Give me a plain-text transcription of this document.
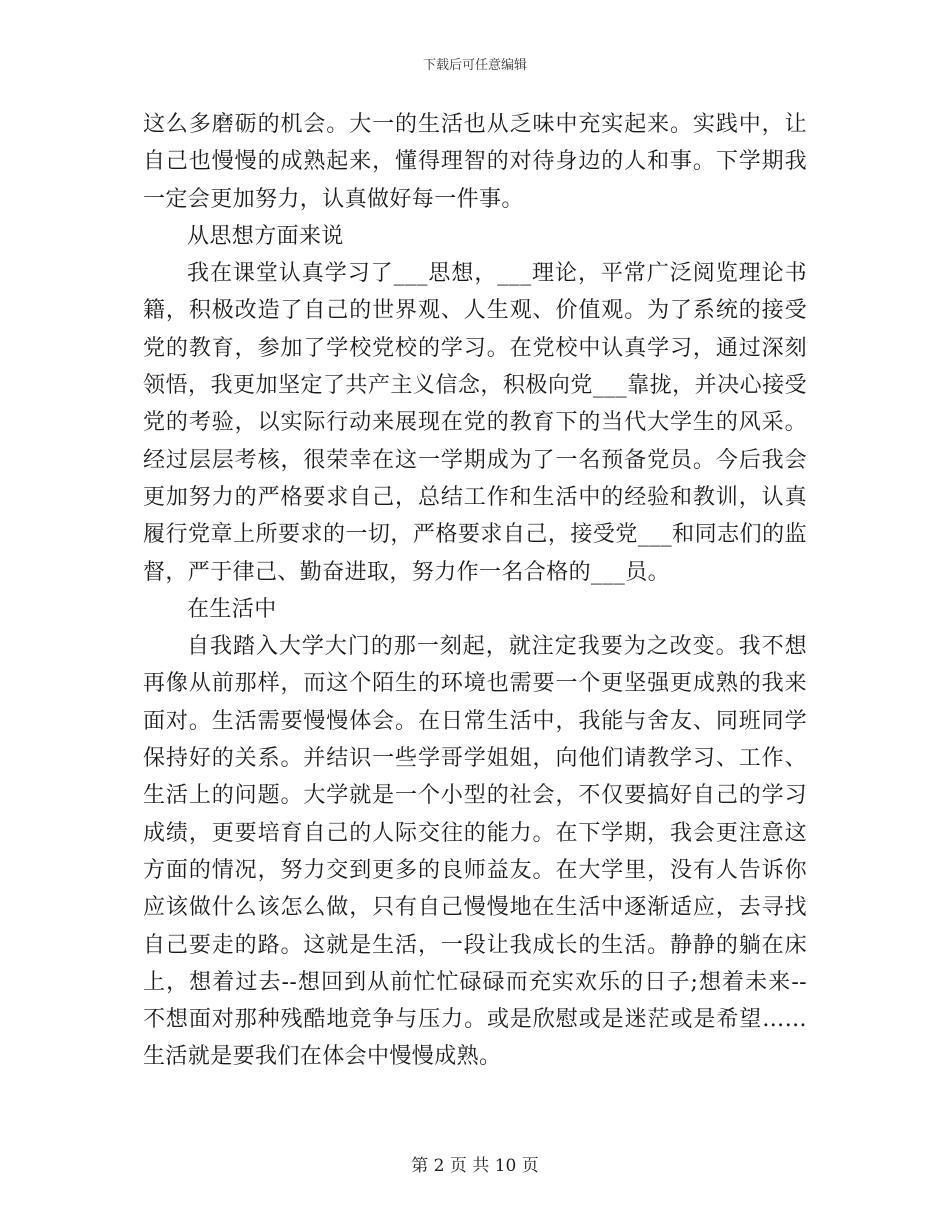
下载后可任意编辑

这么多磨砺的机会。大一的生活也从乏味中充实起来。实践中，让自己也慢慢的成熟起来，懂得理智的对待身边的人和事。下学期我一定会更加努力，认真做好每一件事。

从思想方面来说

我在课堂认真学习了___思想，___理论，平常广泛阅览理论书籍，积极改造了自己的世界观、人生观、价值观。为了系统的接受党的教育，参加了学校党校的学习。在党校中认真学习，通过深刻领悟，我更加坚定了共产主义信念，积极向党___靠拢，并决心接受党的考验，以实际行动来展现在党的教育下的当代大学生的风采。经过层层考核，很荣幸在这一学期成为了一名预备党员。今后我会更加努力的严格要求自己，总结工作和生活中的经验和教训，认真履行党章上所要求的一切，严格要求自己，接受党___和同志们的监督，严于律己、勤奋进取，努力作一名合格的___员。

在生活中

自我踏入大学大门的那一刻起，就注定我要为之改变。我不想再像从前那样，而这个陌生的环境也需要一个更坚强更成熟的我来面对。生活需要慢慢体会。在日常生活中，我能与舍友、同班同学保持好的关系。并结识一些学哥学姐姐，向他们请教学习、工作、生活上的问题。大学就是一个小型的社会，不仅要搞好自己的学习成绩，更要培育自己的人际交往的能力。在下学期，我会更注意这方面的情况，努力交到更多的良师益友。在大学里，没有人告诉你应该做什么该怎么做，只有自己慢慢地在生活中逐渐适应，去寻找自己要走的路。这就是生活，一段让我成长的生活。静静的躺在床上，想着过去--想回到从前忙忙碌碌而充实欢乐的日子;想着未来--不想面对那种残酷地竞争与压力。或是欣慰或是迷茫或是希望……生活就是要我们在体会中慢慢成熟。

第 2 页 共 10 页
